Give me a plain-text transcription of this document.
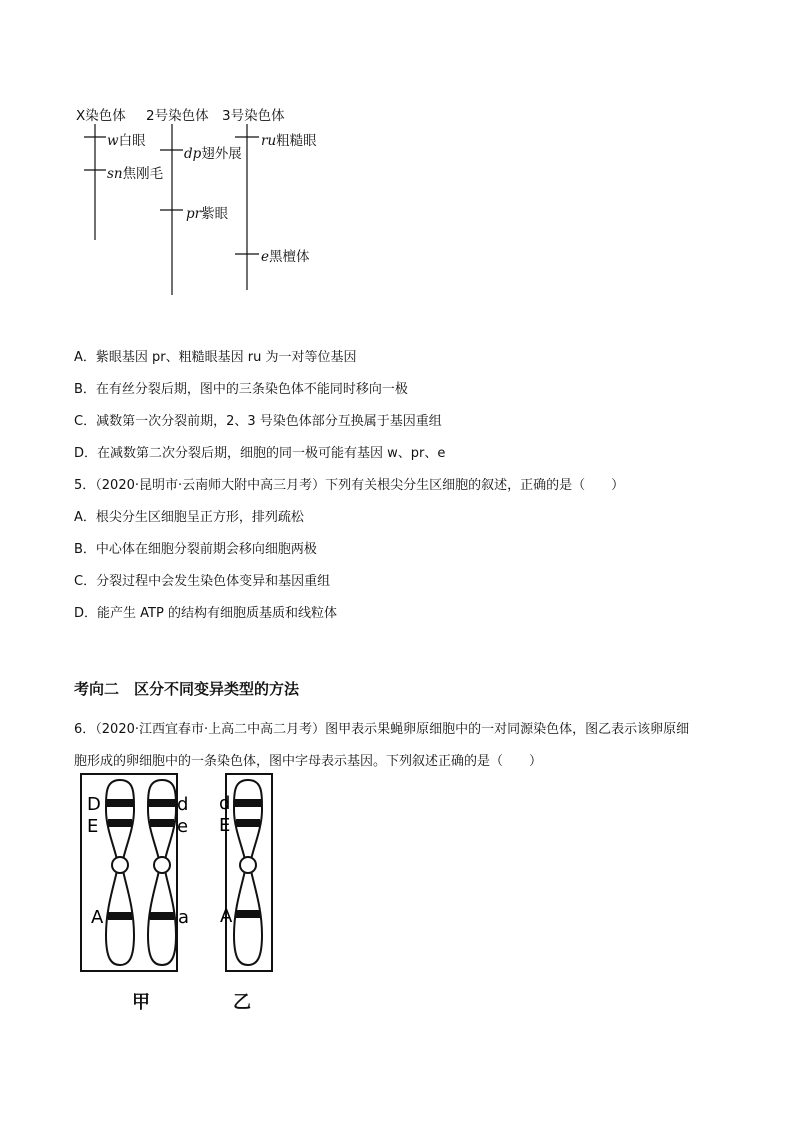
X染色体 2号染色体 3号染色体
w白眼
sn焦刚毛
dp翅外展
pr紫眼
ru粗糙眼
e黑檀体
A．紫眼基因 pr、粗糙眼基因 ru 为一对等位基因
B．在有丝分裂后期，图中的三条染色体不能同时移向一极
C．减数第一次分裂前期，2、3 号染色体部分互换属于基因重组
D．在减数第二次分裂后期，细胞的同一极可能有基因 w、pr、e
5．（2020·昆明市·云南师大附中高三月考）下列有关根尖分生区细胞的叙述，正确的是（　　）
A．根尖分生区细胞呈正方形，排列疏松
B．中心体在细胞分裂前期会移向细胞两极
C．分裂过程中会发生染色体变异和基因重组
D．能产生 ATP 的结构有细胞质基质和线粒体
考向二　区分不同变异类型的方法
6．（2020·江西宜春市·上高二中高二月考）图甲表示果蝇卵原细胞中的一对同源染色体，图乙表示该卵原细
胞形成的卵细胞中的一条染色体，图中字母表示基因。下列叙述正确的是（　　）
D
E
A
d
e
a
d
E
A
甲	乙
